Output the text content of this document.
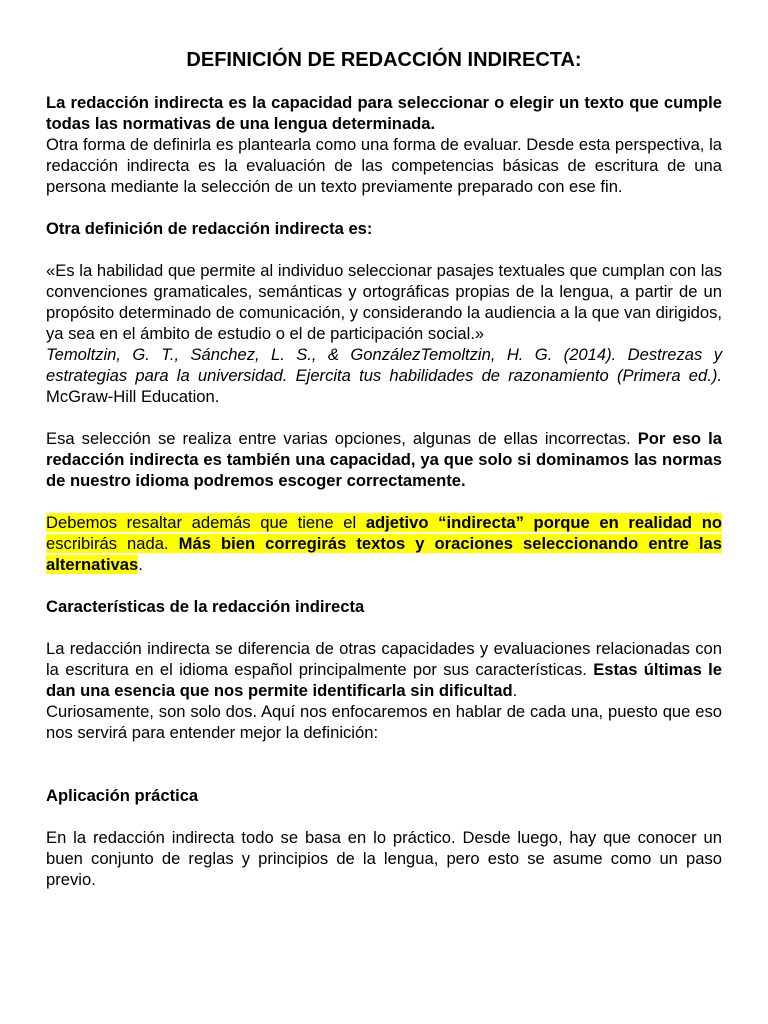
DEFINICIÓN DE REDACCIÓN INDIRECTA:

La redacción indirecta es la capacidad para seleccionar o elegir un texto que cumple todas las normativas de una lengua determinada.

Otra forma de definirla es plantearla como una forma de evaluar. Desde esta perspectiva, la redacción indirecta es la evaluación de las competencias básicas de escritura de una persona mediante la selección de un texto previamente preparado con ese fin.

Otra definición de redacción indirecta es:

«Es la habilidad que permite al individuo seleccionar pasajes textuales que cumplan con las convenciones gramaticales, semánticas y ortográficas propias de la lengua, a partir de un propósito determinado de comunicación, y considerando la audiencia a la que van dirigidos, ya sea en el ámbito de estudio o el de participación social.»

Temoltzin, G. T., Sánchez, L. S., & GonzálezTemoltzin, H. G. (2014). Destrezas y estrategias para la universidad. Ejercita tus habilidades de razonamiento (Primera ed.). McGraw-Hill Education.

Esa selección se realiza entre varias opciones, algunas de ellas incorrectas. Por eso la redacción indirecta es también una capacidad, ya que solo si dominamos las normas de nuestro idioma podremos escoger correctamente.

Debemos resaltar además que tiene el adjetivo “indirecta” porque en realidad no escribirás nada. Más bien corregirás textos y oraciones seleccionando entre las alternativas.

Características de la redacción indirecta

La redacción indirecta se diferencia de otras capacidades y evaluaciones relacionadas con la escritura en el idioma español principalmente por sus características. Estas últimas le dan una esencia que nos permite identificarla sin dificultad.

Curiosamente, son solo dos. Aquí nos enfocaremos en hablar de cada una, puesto que eso nos servirá para entender mejor la definición:

Aplicación práctica

En la redacción indirecta todo se basa en lo práctico. Desde luego, hay que conocer un buen conjunto de reglas y principios de la lengua, pero esto se asume como un paso previo.
